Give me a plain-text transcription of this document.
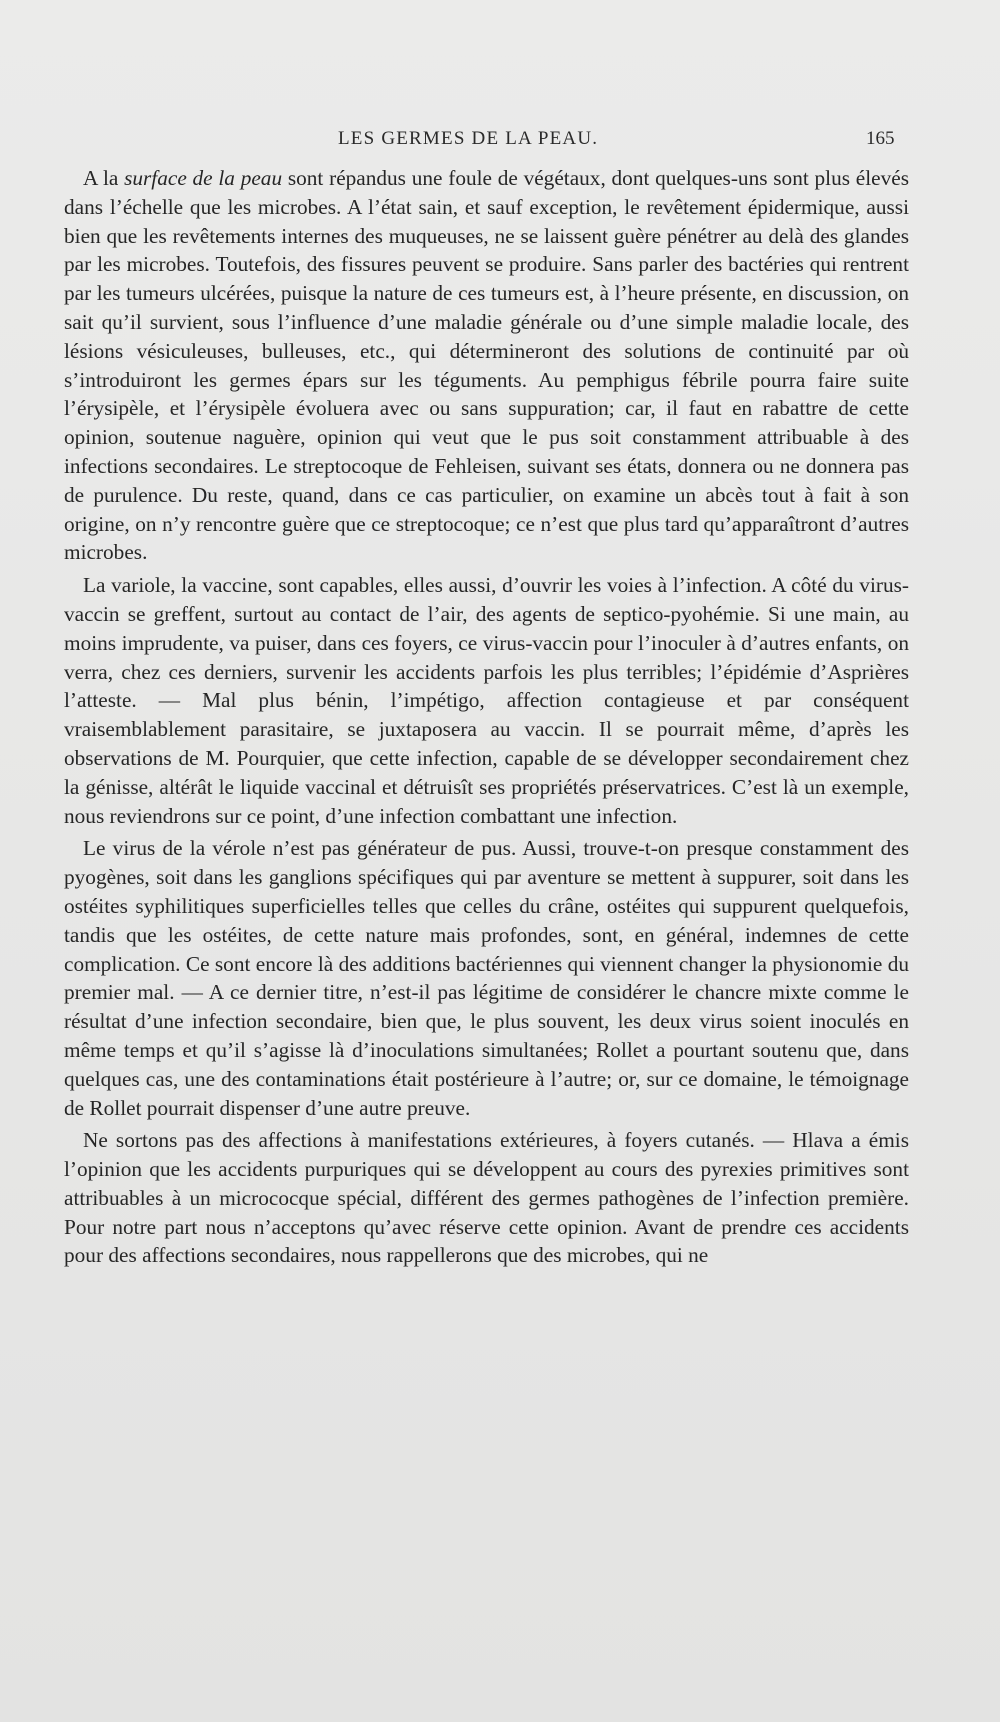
LES GERMES DE LA PEAU.	165

A la surface de la peau sont répandus une foule de végétaux, dont quelques-uns sont plus élevés dans l’échelle que les microbes. A l’état sain, et sauf exception, le revêtement épidermique, aussi bien que les revêtements internes des muqueuses, ne se laissent guère pénétrer au delà des glandes par les microbes. Toutefois, des fissures peuvent se produire. Sans parler des bactéries qui rentrent par les tumeurs ulcérées, puisque la nature de ces tumeurs est, à l’heure présente, en discussion, on sait qu’il survient, sous l’influence d’une maladie générale ou d’une simple maladie locale, des lésions vésiculeuses, bulleuses, etc., qui détermineront des solutions de continuité par où s’introduiront les germes épars sur les téguments. Au pemphigus fébrile pourra faire suite l’érysipèle, et l’érysipèle évoluera avec ou sans suppuration; car, il faut en rabattre de cette opinion, soutenue naguère, opinion qui veut que le pus soit constamment attribuable à des infections secondaires. Le streptocoque de Fehleisen, suivant ses états, donnera ou ne donnera pas de purulence. Du reste, quand, dans ce cas particulier, on examine un abcès tout à fait à son origine, on n’y rencontre guère que ce streptocoque; ce n’est que plus tard qu’apparaîtront d’autres microbes.

La variole, la vaccine, sont capables, elles aussi, d’ouvrir les voies à l’infection. A côté du virus-vaccin se greffent, surtout au contact de l’air, des agents de septico-pyohémie. Si une main, au moins imprudente, va puiser, dans ces foyers, ce virus-vaccin pour l’inoculer à d’autres enfants, on verra, chez ces derniers, survenir les accidents parfois les plus terribles; l’épidémie d’Asprières l’atteste. — Mal plus bénin, l’impétigo, affection contagieuse et par conséquent vraisemblablement parasitaire, se juxtaposera au vaccin. Il se pourrait même, d’après les observations de M. Pourquier, que cette infection, capable de se développer secondairement chez la génisse, altérât le liquide vaccinal et détruisît ses propriétés préservatrices. C’est là un exemple, nous reviendrons sur ce point, d’une infection combattant une infection.

Le virus de la vérole n’est pas générateur de pus. Aussi, trouve-t-on presque constamment des pyogènes, soit dans les ganglions spécifiques qui par aventure se mettent à suppurer, soit dans les ostéites syphilitiques superficielles telles que celles du crâne, ostéites qui suppurent quelquefois, tandis que les ostéites, de cette nature mais profondes, sont, en général, indemnes de cette complication. Ce sont encore là des additions bactériennes qui viennent changer la physionomie du premier mal. — A ce dernier titre, n’est-il pas légitime de considérer le chancre mixte comme le résultat d’une infection secondaire, bien que, le plus souvent, les deux virus soient inoculés en même temps et qu’il s’agisse là d’inoculations simultanées; Rollet a pourtant soutenu que, dans quelques cas, une des contaminations était postérieure à l’autre; or, sur ce domaine, le témoignage de Rollet pourrait dispenser d’une autre preuve.

Ne sortons pas des affections à manifestations extérieures, à foyers cutanés. — Hlava a émis l’opinion que les accidents purpuriques qui se développent au cours des pyrexies primitives sont attribuables à un micrococque spécial, différent des germes pathogènes de l’infection première. Pour notre part nous n’acceptons qu’avec réserve cette opinion. Avant de prendre ces accidents pour des affections secondaires, nous rappellerons que des microbes, qui ne
